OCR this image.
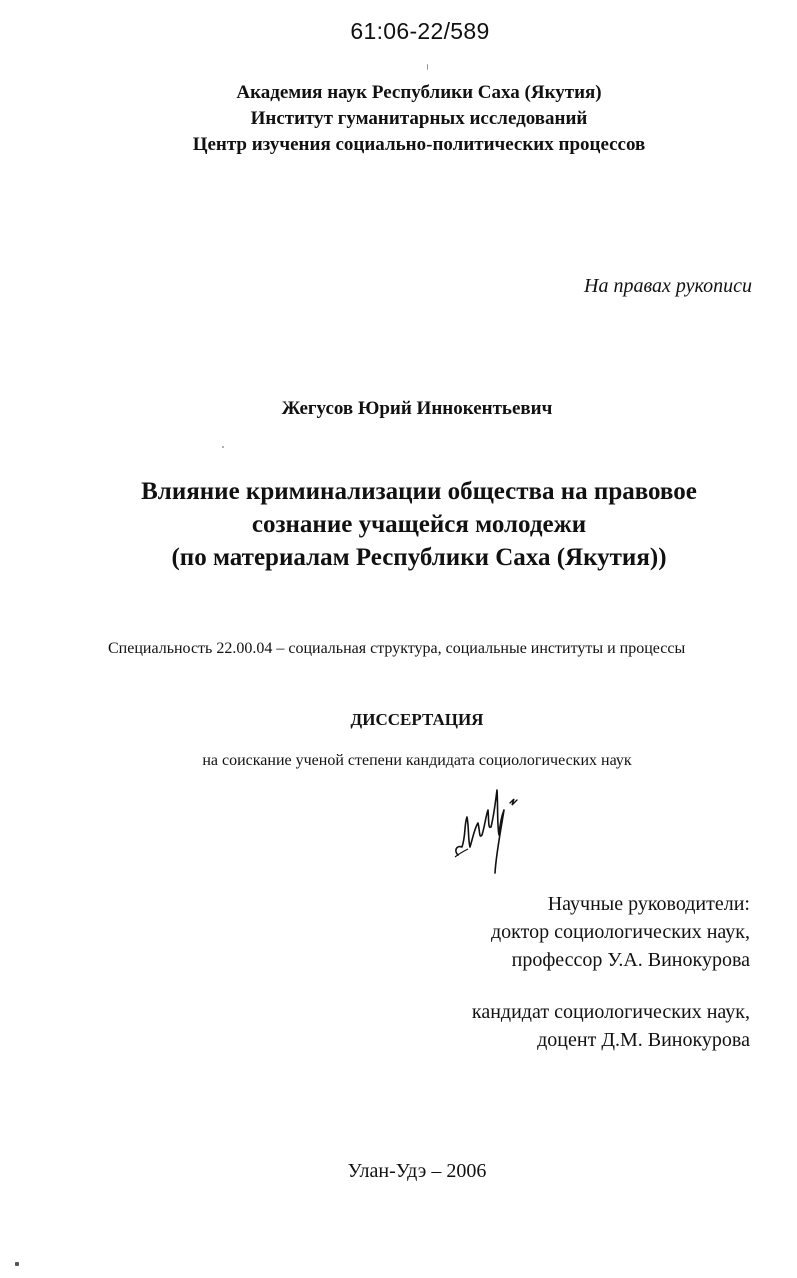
61:06-22/589
Академия наук Республики Саха (Якутия)
Институт гуманитарных исследований
Центр изучения социально-политических процессов
На правах рукописи
Жегусов Юрий Иннокентьевич
Влияние криминализации общества на правовое
сознание учащейся молодежи
(по материалам Республики Саха (Якутия))
Специальность 22.00.04 – социальная структура, социальные институты и процессы
ДИССЕРТАЦИЯ
на соискание ученой степени кандидата социологических наук
Научные руководители:
доктор социологических наук,
профессор У.А. Винокурова
кандидат социологических наук,
доцент Д.М. Винокурова
Улан-Удэ – 2006
